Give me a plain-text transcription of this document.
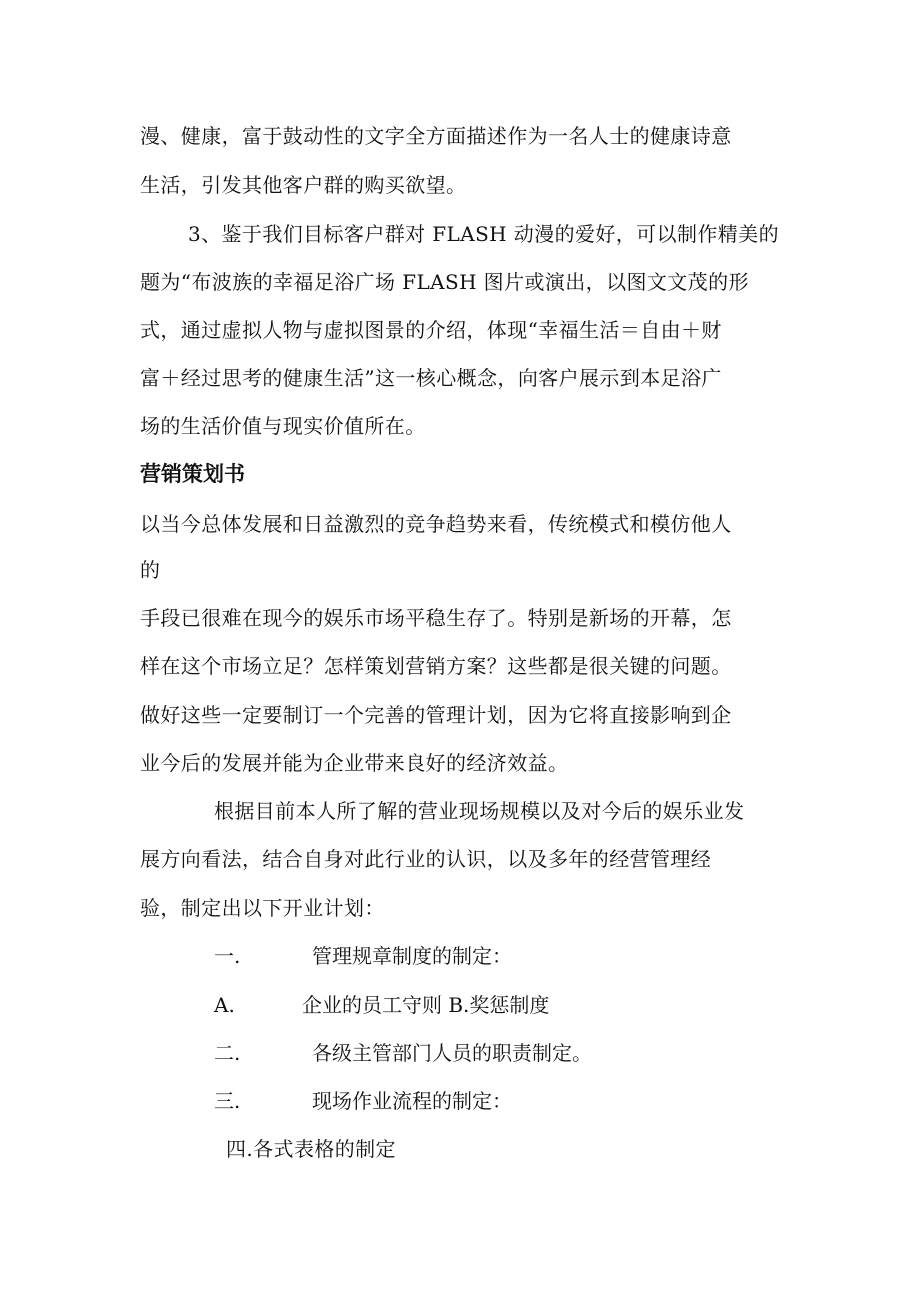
漫、健康，富于鼓动性的文字全方面描述作为一名人士的健康诗意
生活，引发其他客户群的购买欲望。
3、鉴于我们目标客户群对 FLASH 动漫的爱好，可以制作精美的
题为“布波族的幸福足浴广场 FLASH 图片或演出，以图文文茂的形
式，通过虚拟人物与虚拟图景的介绍，体现“幸福生活＝自由＋财
富＋经过思考的健康生活”这一核心概念，向客户展示到本足浴广
场的生活价值与现实价值所在。
营销策划书
以当今总体发展和日益激烈的竞争趋势来看，传统模式和模仿他人
的
手段已很难在现今的娱乐市场平稳生存了。特别是新场的开幕，怎
样在这个市场立足？怎样策划营销方案？这些都是很关键的问题。
做好这些一定要制订一个完善的管理计划，因为它将直接影响到企
业今后的发展并能为企业带来良好的经济效益。
根据目前本人所了解的营业现场规模以及对今后的娱乐业发
展方向看法，结合自身对此行业的认识，以及多年的经营管理经
验，制定出以下开业计划：
一.	管理规章制度的制定：
A.	企业的员工守则 B.奖惩制度
二.	各级主管部门人员的职责制定。
三.	现场作业流程的制定：
四.各式表格的制定
